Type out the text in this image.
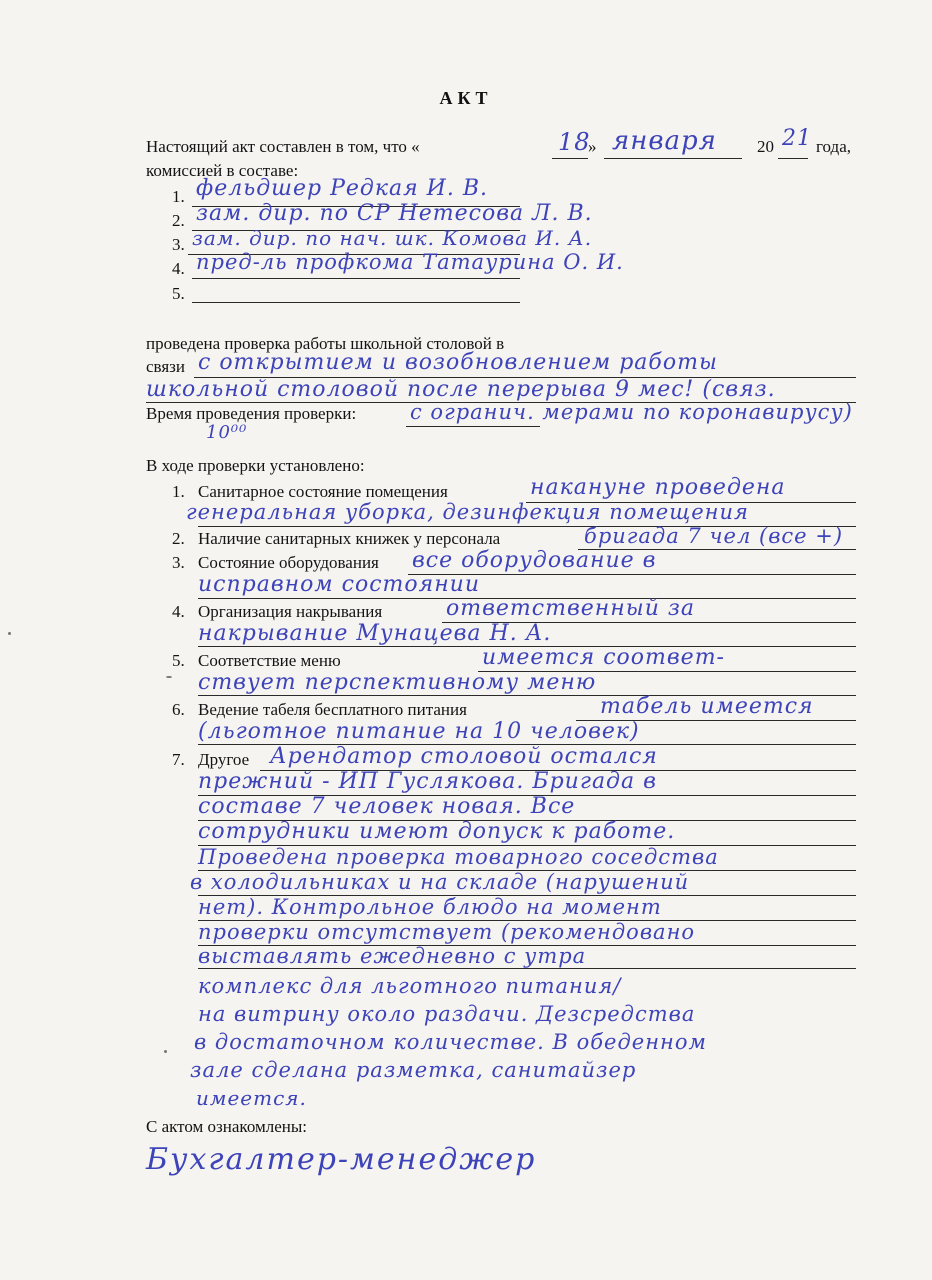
АКТ
Настоящий акт составлен в том, что «	18
» января 20 21 года,
комиссией в составе:
1. фельдшер Редкая И. В.
2. зам. дир. по СР Нетесова Л. В.
3. зам. дир. по нач. шк. Комова И. А.
4. пред-ль профкома Татаурина О. И.
5.
проведена проверка работы школьной столовой в
связи с открытием и возобновлением работы
школьной столовой после перерыва 9 мес! (связ.
Время проведения проверки:	с огранич. мерами по коронавирусу)
10⁰⁰
В ходе проверки установлено:
1. Санитарное состояние помещения	накануне проведена
генеральная уборка, дезинфекция помещения
2. Наличие санитарных книжек у персонала	бригада 7 чел (все +)
3. Состояние оборудования все оборудование в
исправном состоянии
4. Организация накрывания	ответственный за
накрывание Мунацева Н. А.
5. Соответствие меню	имеется соответ-
ствует перспективному меню
6. Ведение табеля бесплатного питания	табель имеется
(льготное питание на 10 человек)
7. Другое Арендатор столовой остался
прежний - ИП Гуслякова. Бригада в
составе 7 человек новая. Все
сотрудники имеют допуск к работе.
Проведена проверка товарного соседства
в холодильниках и на складе (нарушений
нет). Контрольное блюдо на момент
проверки отсутствует (рекомендовано
выставлять ежедневно с утра
комплекс для льготного питания/
на витрину около раздачи. Дезсредства
в достаточном количестве. В обеденном
зале сделана разметка, санитайзер
имеется.
С актом ознакомлены:
Бухгалтер-менеджер
